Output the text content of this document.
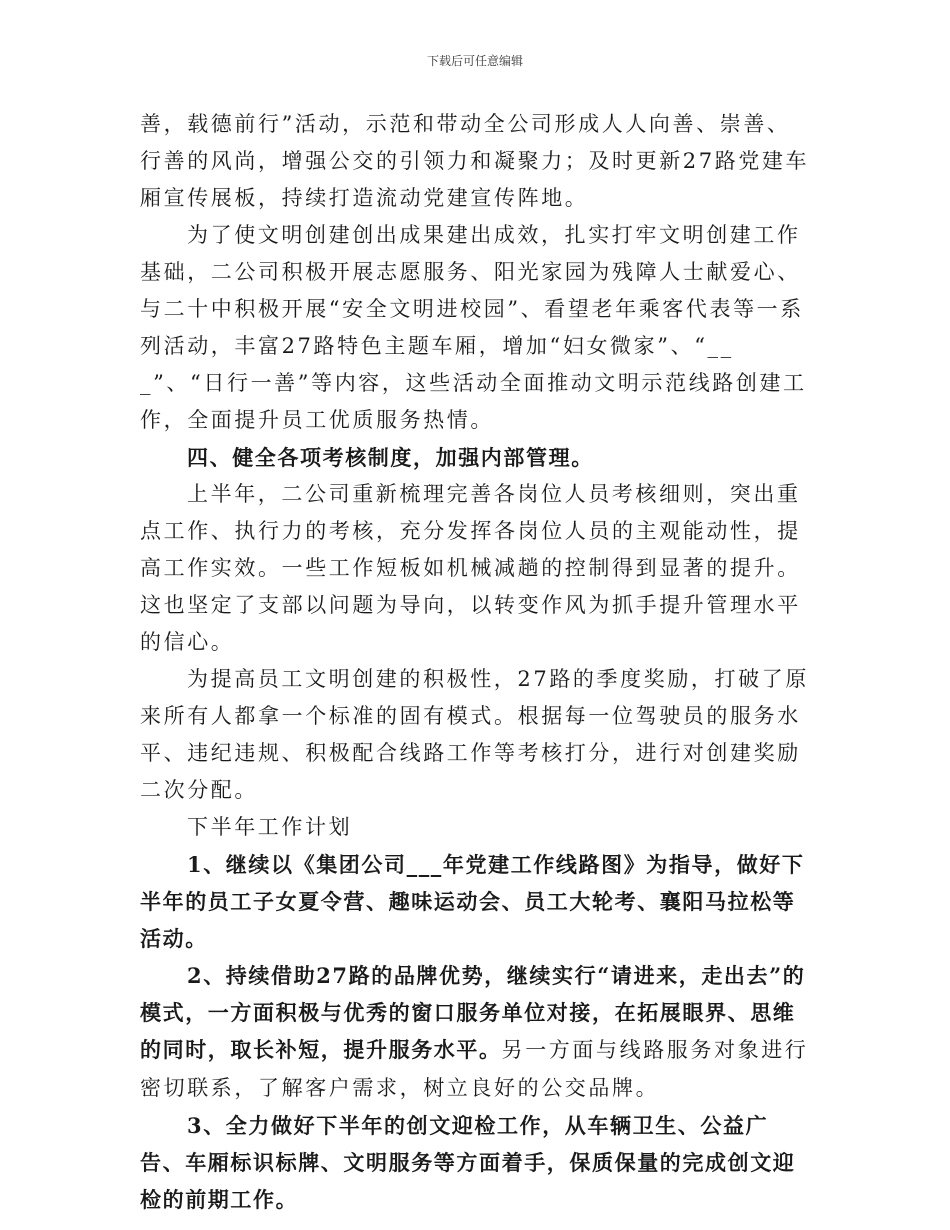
下载后可任意编辑

善，载德前行”活动，示范和带动全公司形成人人向善、崇善、行善的风尚，增强公交的引领力和凝聚力；及时更新27路党建车厢宣传展板，持续打造流动党建宣传阵地。

为了使文明创建创出成果建出成效，扎实打牢文明创建工作基础，二公司积极开展志愿服务、阳光家园为残障人士献爱心、与二十中积极开展“安全文明进校园”、看望老年乘客代表等一系列活动，丰富27路特色主题车厢，增加“妇女微家”、“___”、“日行一善”等内容，这些活动全面推动文明示范线路创建工作，全面提升员工优质服务热情。

四、健全各项考核制度，加强内部管理。

上半年，二公司重新梳理完善各岗位人员考核细则，突出重点工作、执行力的考核，充分发挥各岗位人员的主观能动性，提高工作实效。一些工作短板如机械减趟的控制得到显著的提升。这也坚定了支部以问题为导向，以转变作风为抓手提升管理水平的信心。

为提高员工文明创建的积极性，27路的季度奖励，打破了原来所有人都拿一个标准的固有模式。根据每一位驾驶员的服务水平、违纪违规、积极配合线路工作等考核打分，进行对创建奖励二次分配。

下半年工作计划

1、继续以《集团公司___年党建工作线路图》为指导，做好下半年的员工子女夏令营、趣味运动会、员工大轮考、襄阳马拉松等活动。

2、持续借助27路的品牌优势，继续实行“请进来，走出去”的模式，一方面积极与优秀的窗口服务单位对接，在拓展眼界、思维的同时，取长补短，提升服务水平。另一方面与线路服务对象进行密切联系，了解客户需求，树立良好的公交品牌。

3、全力做好下半年的创文迎检工作，从车辆卫生、公益广告、车厢标识标牌、文明服务等方面着手，保质保量的完成创文迎检的前期工作。
